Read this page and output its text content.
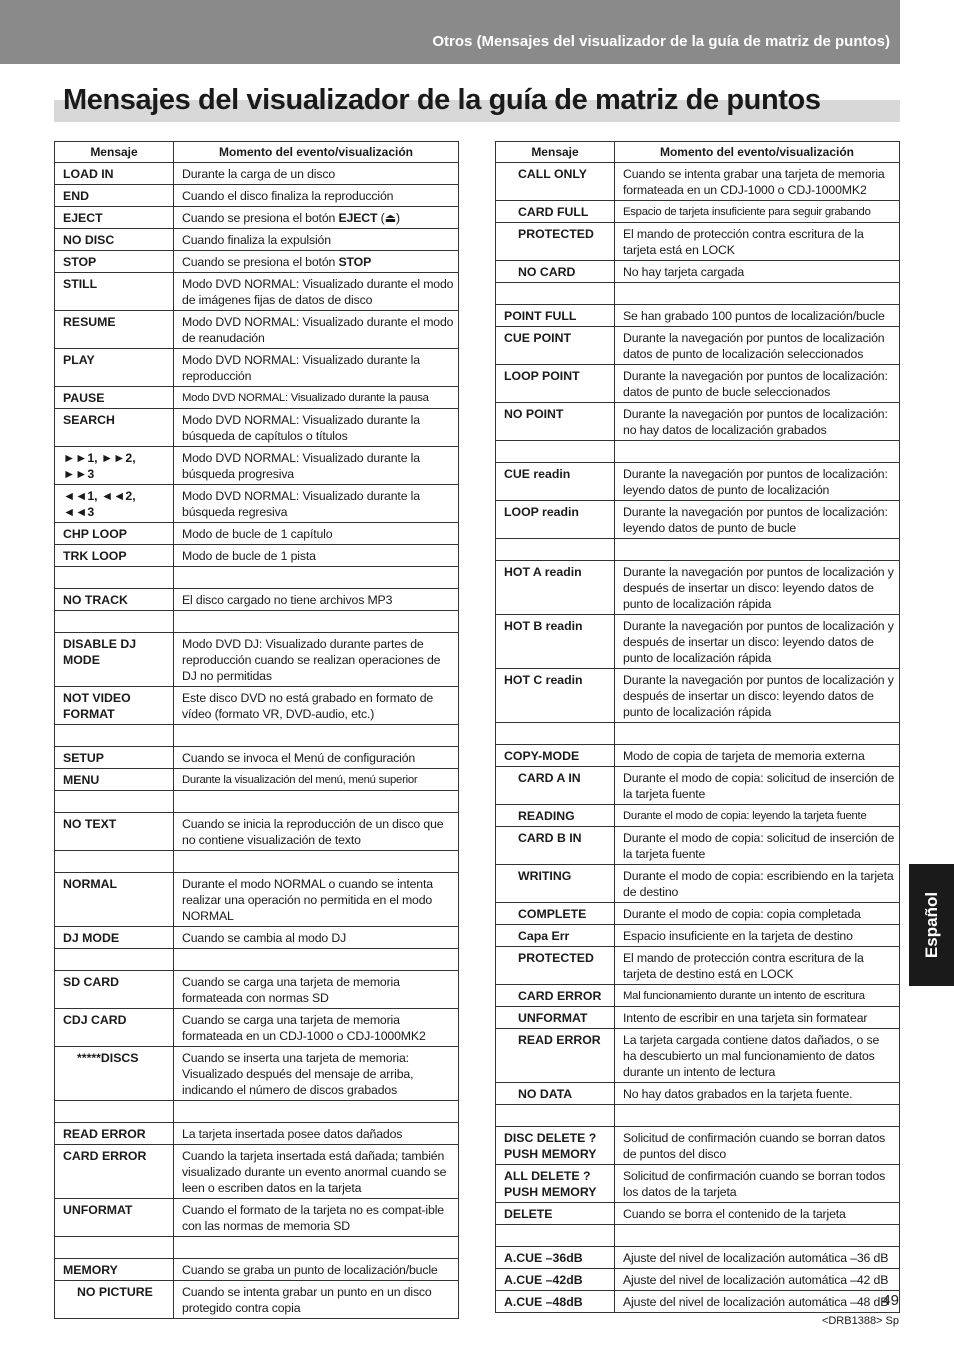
Otros (Mensajes del visualizador de la guía de matriz de puntos)
Mensajes del visualizador de la guía de matriz de puntos
Mensaje	Momento del evento/visualización
LOAD IN	Durante la carga de un disco
END	Cuando el disco finaliza la reproducción
EJECT	Cuando se presiona el botón EJECT (⏏)
NO DISC	Cuando finaliza la expulsión
STOP	Cuando se presiona el botón STOP
STILL	Modo DVD NORMAL: Visualizado durante el modo de imágenes fijas de datos de disco
RESUME	Modo DVD NORMAL: Visualizado durante el modo de reanudación
PLAY	Modo DVD NORMAL: Visualizado durante la reproducción
PAUSE	Modo DVD NORMAL: Visualizado durante la pausa
SEARCH	Modo DVD NORMAL: Visualizado durante la búsqueda de capítulos o títulos
►►1, ►►2, ►►3	Modo DVD NORMAL: Visualizado durante la búsqueda progresiva
◄◄1, ◄◄2, ◄◄3	Modo DVD NORMAL: Visualizado durante la búsqueda regresiva
CHP LOOP	Modo de bucle de 1 capítulo
TRK LOOP	Modo de bucle de 1 pista

NO TRACK	El disco cargado no tiene archivos MP3

DISABLE DJ MODE	Modo DVD DJ: Visualizado durante partes de reproducción cuando se realizan operaciones de DJ no permitidas
NOT VIDEO FORMAT	Este disco DVD no está grabado en formato de vídeo (formato VR, DVD-audio, etc.)

SETUP	Cuando se invoca el Menú de configuración
MENU	Durante la visualización del menú, menú superior

NO TEXT	Cuando se inicia la reproducción de un disco que no contiene visualización de texto

NORMAL	Durante el modo NORMAL o cuando se intenta realizar una operación no permitida en el modo NORMAL
DJ MODE	Cuando se cambia al modo DJ

SD CARD	Cuando se carga una tarjeta de memoria formateada con normas SD
CDJ CARD	Cuando se carga una tarjeta de memoria formateada en un CDJ-1000 o CDJ-1000MK2
*****DISCS	Cuando se inserta una tarjeta de memoria: Visualizado después del mensaje de arriba, indicando el número de discos grabados

READ ERROR	La tarjeta insertada posee datos dañados
CARD ERROR	Cuando la tarjeta insertada está dañada; también visualizado durante un evento anormal cuando se leen o escriben datos en la tarjeta
UNFORMAT	Cuando el formato de la tarjeta no es compat-ible con las normas de memoria SD

MEMORY	Cuando se graba un punto de localización/bucle
NO PICTURE	Cuando se intenta grabar un punto en un disco protegido contra copia
Mensaje	Momento del evento/visualización
CALL ONLY	Cuando se intenta grabar una tarjeta de memoria formateada en un CDJ-1000 o CDJ-1000MK2
CARD FULL	Espacio de tarjeta insuficiente para seguir grabando
PROTECTED	El mando de protección contra escritura de la tarjeta está en LOCK
NO CARD	No hay tarjeta cargada

POINT FULL	Se han grabado 100 puntos de localización/bucle
CUE POINT	Durante la navegación por puntos de localización datos de punto de localización seleccionados
LOOP POINT	Durante la navegación por puntos de localización: datos de punto de bucle seleccionados
NO POINT	Durante la navegación por puntos de localización: no hay datos de localización grabados

CUE readin	Durante la navegación por puntos de localización: leyendo datos de punto de localización
LOOP readin	Durante la navegación por puntos de localización: leyendo datos de punto de bucle

HOT A readin	Durante la navegación por puntos de localización y después de insertar un disco: leyendo datos de punto de localización rápida
HOT B readin	Durante la navegación por puntos de localización y después de insertar un disco: leyendo datos de punto de localización rápida
HOT C readin	Durante la navegación por puntos de localización y después de insertar un disco: leyendo datos de punto de localización rápida

COPY-MODE	Modo de copia de tarjeta de memoria externa
CARD A IN	Durante el modo de copia: solicitud de inserción de la tarjeta fuente
READING	Durante el modo de copia: leyendo la tarjeta fuente
CARD B IN	Durante el modo de copia: solicitud de inserción de la tarjeta fuente
WRITING	Durante el modo de copia: escribiendo en la tarjeta de destino
COMPLETE	Durante el modo de copia: copia completada
Capa Err	Espacio insuficiente en la tarjeta de destino
PROTECTED	El mando de protección contra escritura de la tarjeta de destino está en LOCK
CARD ERROR	Mal funcionamiento durante un intento de escritura
UNFORMAT	Intento de escribir en una tarjeta sin formatear
READ ERROR	La tarjeta cargada contiene datos dañados, o se ha descubierto un mal funcionamiento de datos durante un intento de lectura
NO DATA	No hay datos grabados en la tarjeta fuente.

DISC DELETE ? PUSH MEMORY	Solicitud de confirmación cuando se borran datos de puntos del disco
ALL DELETE ? PUSH MEMORY	Solicitud de confirmación cuando se borran todos los datos de la tarjeta
DELETE	Cuando se borra el contenido de la tarjeta

A.CUE –36dB	Ajuste del nivel de localización automática –36 dB
A.CUE –42dB	Ajuste del nivel de localización automática –42 dB
A.CUE –48dB	Ajuste del nivel de localización automática –48 dB
Español
49
<DRB1388> Sp
